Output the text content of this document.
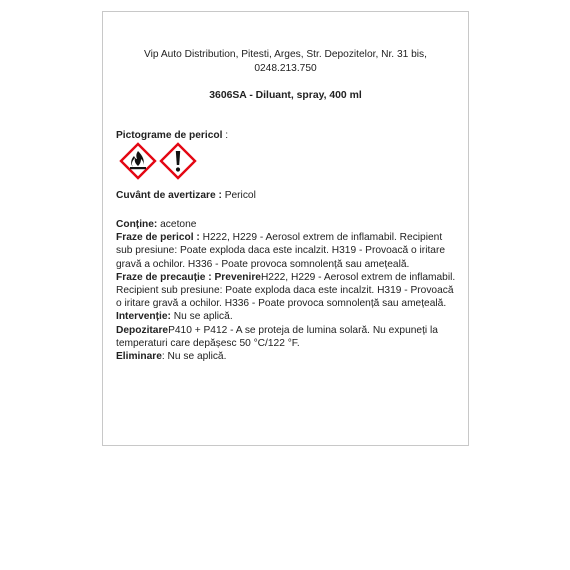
Vip Auto Distribution, Pitesti, Arges, Str. Depozitelor, Nr. 31 bis,
0248.213.750
3606SA - Diluant, spray, 400 ml
Pictograme de pericol :
Cuvânt de avertizare : Pericol

Conține: acetone

Fraze de pericol : H222, H229 - Aerosol extrem de inflamabil. Recipient sub presiune: Poate exploda daca este incalzit. H319 - Provoacă o iritare gravă a ochilor. H336 - Poate provoca somnolență sau amețeală.

Fraze de precauție : PrevenireH222, H229 - Aerosol extrem de inflamabil. Recipient sub presiune: Poate exploda daca este incalzit. H319 - Provoacă o iritare gravă a ochilor. H336 - Poate provoca somnolență sau amețeală.

Intervenție: Nu se aplică.

DepozitareP410 + P412 - A se proteja de lumina solară. Nu expuneți la temperaturi care depășesc 50 °C/122 °F.

Eliminare: Nu se aplică.
